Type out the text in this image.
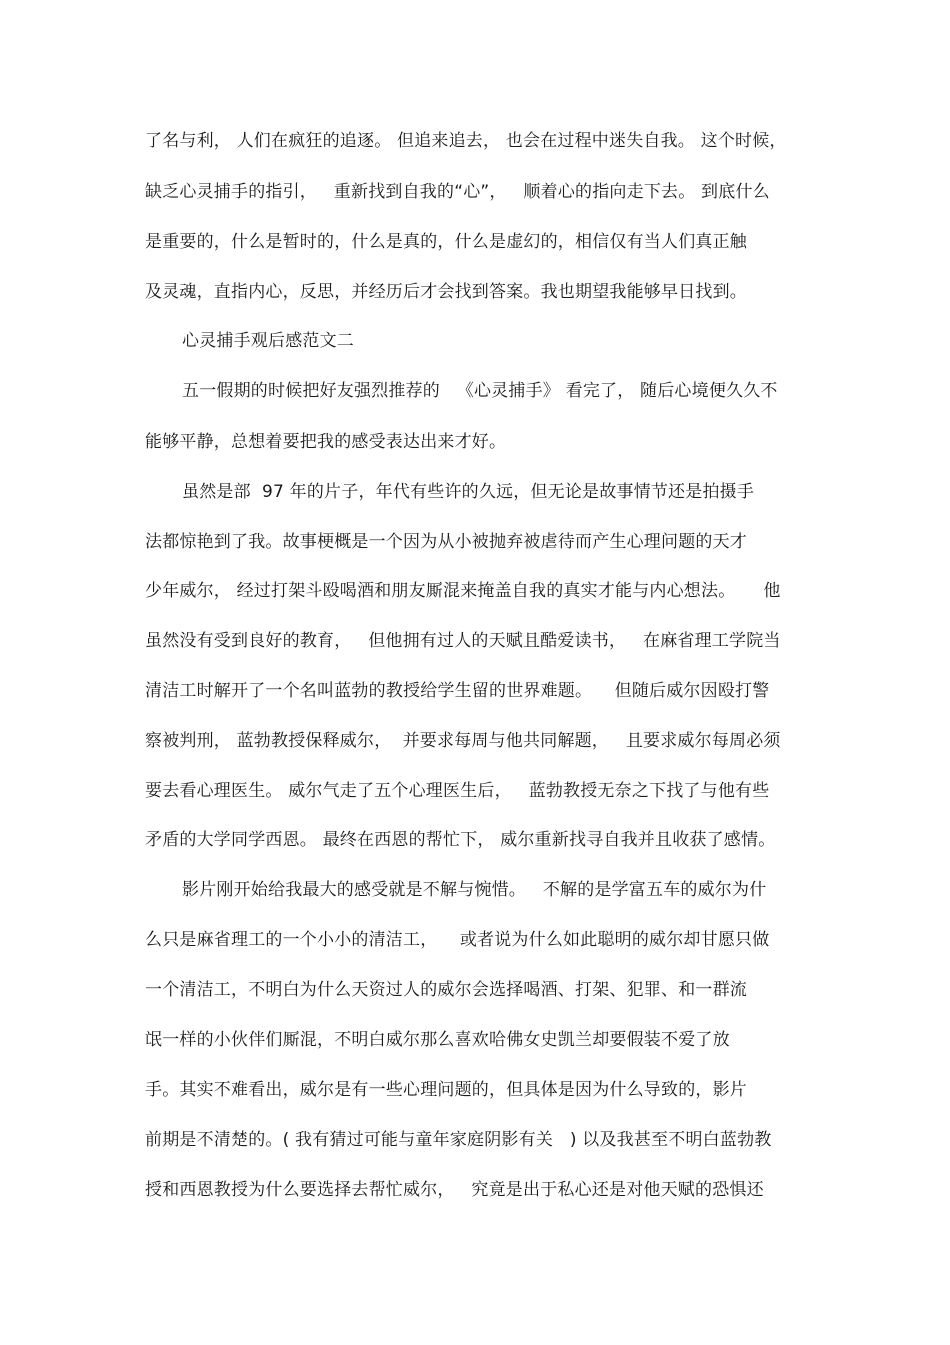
了名与利， 人们在疯狂的追逐。 但追来追去， 也会在过程中迷失自我。 这个时候，
缺乏心灵捕手的指引，   重新找到自我的“心”，   顺着心的指向走下去。 到底什么
是重要的，什么是暂时的，什么是真的，什么是虚幻的，相信仅有当人们真正触
及灵魂，直指内心，反思，并经历后才会找到答案。我也期望我能够早日找到。
心灵捕手观后感范文二
五一假期的时候把好友强烈推荐的   《心灵捕手》 看完了， 随后心境便久久不
能够平静，总想着要把我的感受表达出来才好。
虽然是部  97 年的片子，年代有些许的久远，但无论是故事情节还是拍摄手
法都惊艳到了我。故事梗概是一个因为从小被抛弃被虐待而产生心理问题的天才
少年威尔， 经过打架斗殴喝酒和朋友厮混来掩盖自我的真实才能与内心想法。     他
虽然没有受到良好的教育，   但他拥有过人的天赋且酷爱读书，   在麻省理工学院当
清洁工时解开了一个名叫蓝勃的教授给学生留的世界难题。    但随后威尔因殴打警
察被判刑， 蓝勃教授保释威尔，  并要求每周与他共同解题，   且要求威尔每周必须
要去看心理医生。 威尔气走了五个心理医生后，   蓝勃教授无奈之下找了与他有些
矛盾的大学同学西恩。 最终在西恩的帮忙下， 威尔重新找寻自我并且收获了感情。
影片刚开始给我最大的感受就是不解与惋惜。   不解的是学富五车的威尔为什
么只是麻省理工的一个小小的清洁工，    或者说为什么如此聪明的威尔却甘愿只做
一个清洁工，不明白为什么天资过人的威尔会选择喝酒、打架、犯罪、和一群流
氓一样的小伙伴们厮混，不明白威尔那么喜欢哈佛女史凯兰却要假装不爱了放
手。其实不难看出，威尔是有一些心理问题的，但具体是因为什么导致的，影片
前期是不清楚的。( 我有猜过可能与童年家庭阴影有关   ) 以及我甚至不明白蓝勃教
授和西恩教授为什么要选择去帮忙威尔，   究竟是出于私心还是对他天赋的恐惧还
